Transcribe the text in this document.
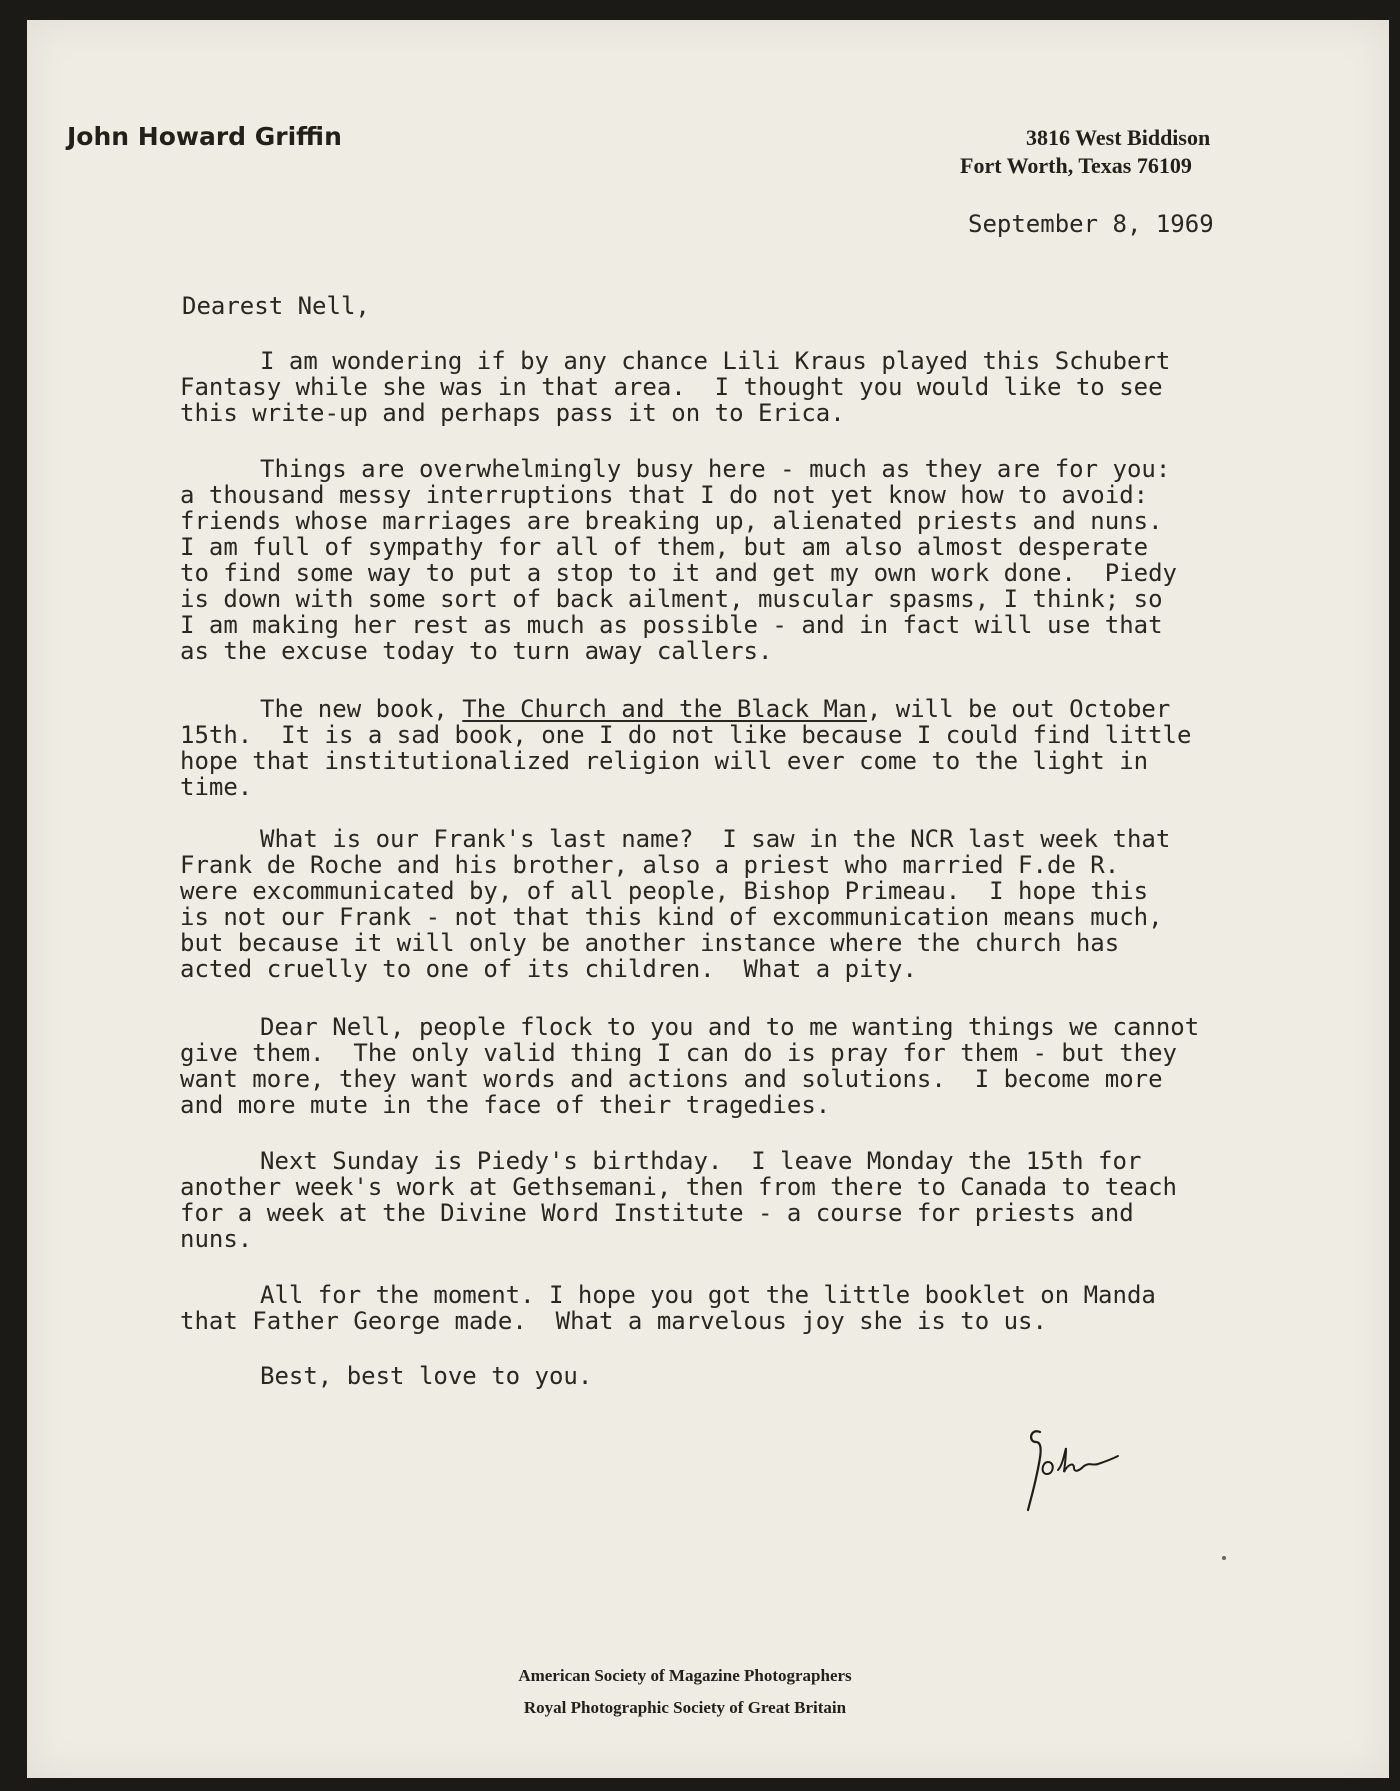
John Howard Griffin	3816 West Biddison
Fort Worth, Texas 76109
September 8, 1969
Dearest Nell,
I am wondering if by any chance Lili Kraus played this Schubert
Fantasy while she was in that area.  I thought you would like to see
this write-up and perhaps pass it on to Erica.
Things are overwhelmingly busy here - much as they are for you:
a thousand messy interruptions that I do not yet know how to avoid:
friends whose marriages are breaking up, alienated priests and nuns.
I am full of sympathy for all of them, but am also almost desperate
to find some way to put a stop to it and get my own work done.  Piedy
is down with some sort of back ailment, muscular spasms, I think; so
I am making her rest as much as possible - and in fact will use that
as the excuse today to turn away callers.
The new book, The Church and the Black Man, will be out October
15th.  It is a sad book, one I do not like because I could find little
hope that institutionalized religion will ever come to the light in
time.
What is our Frank's last name?  I saw in the NCR last week that
Frank de Roche and his brother, also a priest who married F.de R.
were excommunicated by, of all people, Bishop Primeau.  I hope this
is not our Frank - not that this kind of excommunication means much,
but because it will only be another instance where the church has
acted cruelly to one of its children.  What a pity.
Dear Nell, people flock to you and to me wanting things we cannot
give them.  The only valid thing I can do is pray for them - but they
want more, they want words and actions and solutions.  I become more
and more mute in the face of their tragedies.
Next Sunday is Piedy's birthday.  I leave Monday the 15th for
another week's work at Gethsemani, then from there to Canada to teach
for a week at the Divine Word Institute - a course for priests and
nuns.
All for the moment. I hope you got the little booklet on Manda
that Father George made.  What a marvelous joy she is to us.
Best, best love to you.
American Society of Magazine Photographers
Royal Photographic Society of Great Britain
